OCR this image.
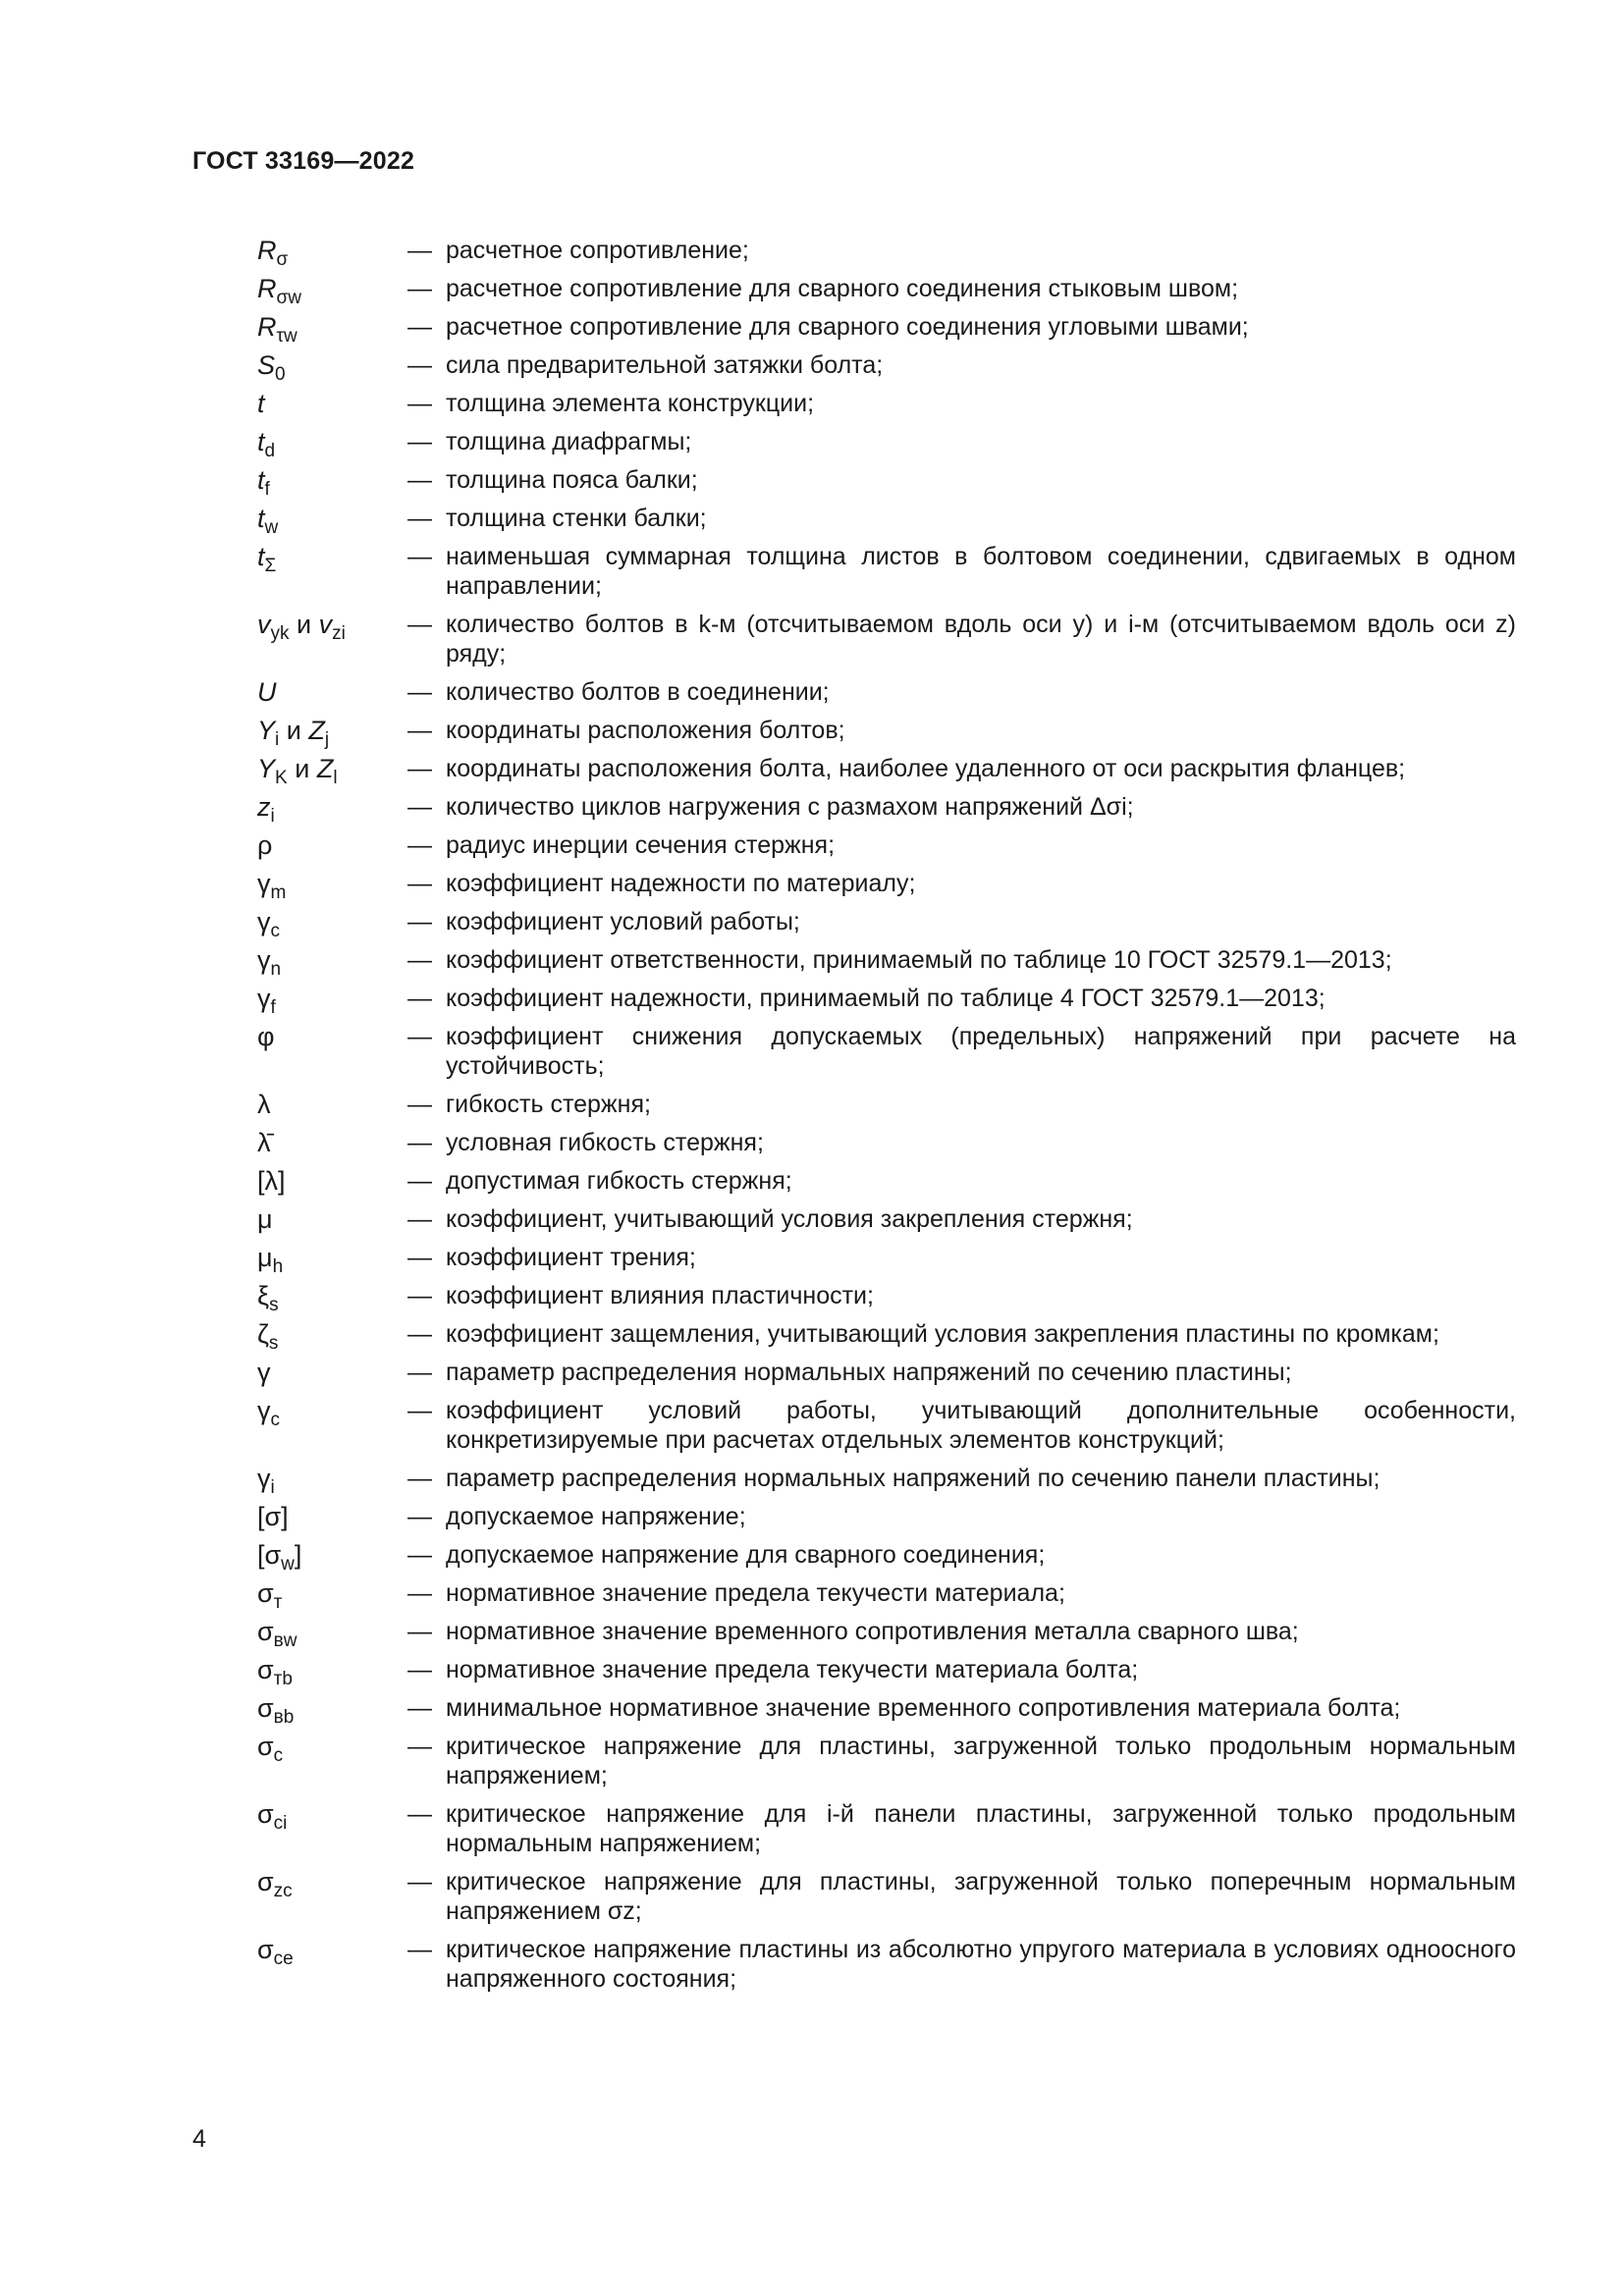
ГОСТ 33169—2022
$R_\sigma$	— расчетное сопротивление;
$R_{\sigma w}$	— расчетное сопротивление для сварного соединения стыковым швом;
$R_{\tau w}$	— расчетное сопротивление для сварного соединения угловыми швами;
$S_0$	— сила предварительной затяжки болта;
t	— толщина элемента конструкции;
$t_d$	— толщина диафрагмы;
$t_f$	— толщина пояса балки;
$t_w$	— толщина стенки балки;
$t_\Sigma$	— наименьшая суммарная толщина листов в болтовом соединении, сдвигаемых в одном направлении;
$v_{yk}$ и $v_{zi}$	— количество болтов в k-м (отсчитываемом вдоль оси y) и i-м (отсчитываемом вдоль оси z) ряду;
U	— количество болтов в соединении;
$Y_i$ и $Z_j$	— координаты расположения болтов;
$Y_K$ и $Z_l$	— координаты расположения болта, наиболее удаленного от оси раскрытия фланцев;
$z_i$	— количество циклов нагружения с размахом напряжений Δσi;
ρ	— радиус инерции сечения стержня;
$\gamma_m$	— коэффициент надежности по материалу;
$\gamma_c$	— коэффициент условий работы;
$\gamma_n$	— коэффициент ответственности, принимаемый по таблице 10 ГОСТ 32579.1—2013;
$\gamma_f$	— коэффициент надежности, принимаемый по таблице 4 ГОСТ 32579.1—2013;
φ	— коэффициент снижения допускаемых (предельных) напряжений при расчете на устойчивость;
λ	— гибкость стержня;
λ̄	— условная гибкость стержня;
[λ]	— допустимая гибкость стержня;
μ	— коэффициент, учитывающий условия закрепления стержня;
$\mu_h$	— коэффициент трения;
$\xi_s$	— коэффициент влияния пластичности;
$\zeta_s$	— коэффициент защемления, учитывающий условия закрепления пластины по кромкам;
γ	— параметр распределения нормальных напряжений по сечению пластины;
$\gamma_c$	— коэффициент условий работы, учитывающий дополнительные особенности, конкретизируемые при расчетах отдельных элементов конструкций;
$\gamma_i$	— параметр распределения нормальных напряжений по сечению панели пластины;
[σ]	— допускаемое напряжение;
$[\sigma_w]$	— допускаемое напряжение для сварного соединения;
$\sigma_т$	— нормативное значение предела текучести материала;
$\sigma_{вw}$	— нормативное значение временного сопротивления металла сварного шва;
$\sigma_{тb}$	— нормативное значение предела текучести материала болта;
$\sigma_{вb}$	— минимальное нормативное значение временного сопротивления материала болта;
$\sigma_c$	— критическое напряжение для пластины, загруженной только продольным нормальным напряжением;
$\sigma_{ci}$	— критическое напряжение для i-й панели пластины, загруженной только продольным нормальным напряжением;
$\sigma_{zc}$	— критическое напряжение для пластины, загруженной только поперечным нормальным напряжением σz;
$\sigma_{ce}$	— критическое напряжение пластины из абсолютно упругого материала в условиях одноосного напряженного состояния;
4
